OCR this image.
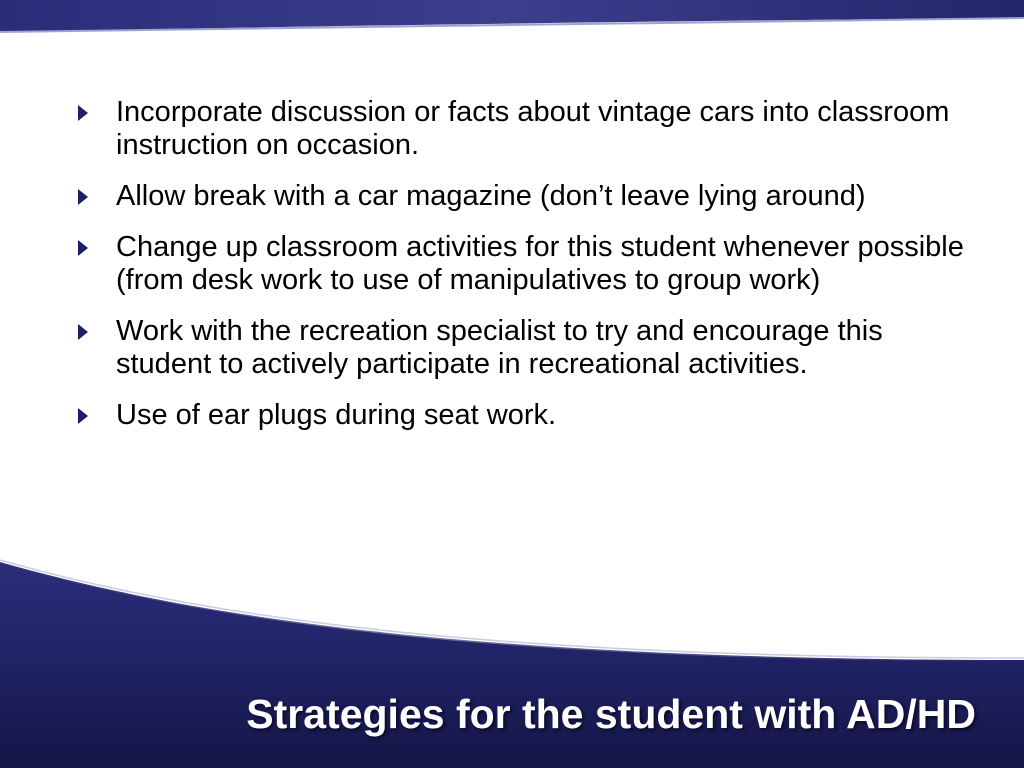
Incorporate discussion or facts about vintage cars into classroom instruction on occasion.
Allow break with a car magazine (don’t leave lying around)
Change up classroom activities for this student whenever possible (from desk work to use of manipulatives to group work)
Work with the recreation specialist to try and encourage this student to actively participate in recreational activities.
Use of ear plugs during seat work.
Strategies for the student with AD/HD
